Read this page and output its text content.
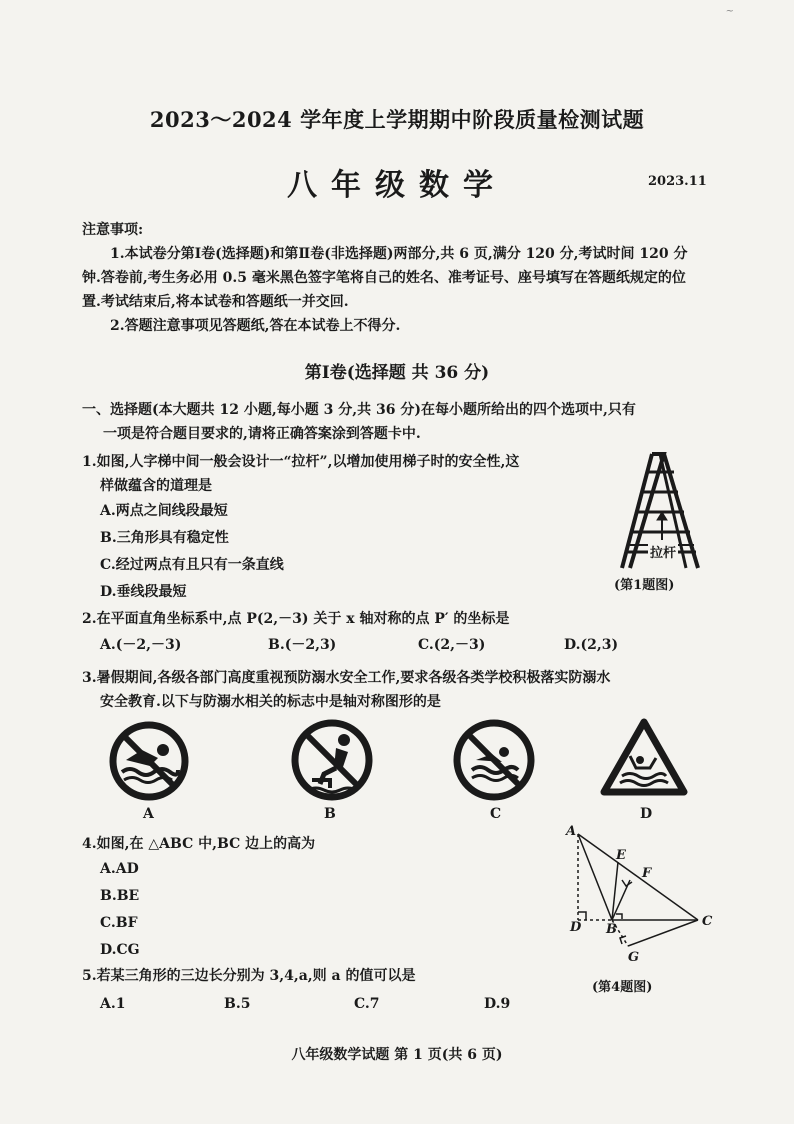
~
2023～2024 学年度上学期期中阶段质量检测试题
八年级数学	2023.11
注意事项:

1.本试卷分第Ⅰ卷(选择题)和第Ⅱ卷(非选择题)两部分,共 6 页,满分 120 分,考试时间 120 分钟.答卷前,考生务必用 0.5 毫米黑色签字笔将自己的姓名、准考证号、座号填写在答题纸规定的位置.考试结束后,将本试卷和答题纸一并交回.

2.答题注意事项见答题纸,答在本试卷上不得分.

第Ⅰ卷(选择题 共 36 分)

一、选择题(本大题共 12 小题,每小题 3 分,共 36 分)在每小题所给出的四个选项中,只有

一项是符合题目要求的,请将正确答案涂到答题卡中.

1.如图,人字梯中间一般会设计一“拉杆”,以增加使用梯子时的安全性,这

样做蕴含的道理是

A.两点之间线段最短

B.三角形具有稳定性

C.经过两点有且只有一条直线

D.垂线段最短

拉杆
(第1题图)

2.在平面直角坐标系中,点 P(2,－3) 关于 x 轴对称的点 P′ 的坐标是

A.(－2,－3)	B.(－2,3)	C.(2,－3)	D.(2,3)

3.暑假期间,各级各部门高度重视预防溺水安全工作,要求各级各类学校积极落实防溺水

安全教育.以下与防溺水相关的标志中是轴对称图形的是

A	B	C	D

4.如图,在 △ABC 中,BC 边上的高为

A.AD

B.BE

C.BF

D.CG

A
E
F
D B
C
G
(第4题图)

5.若某三角形的三边长分别为 3,4,a,则 a 的值可以是

A.1	B.5	C.7	D.9
八年级数学试题 第 1 页(共 6 页)
